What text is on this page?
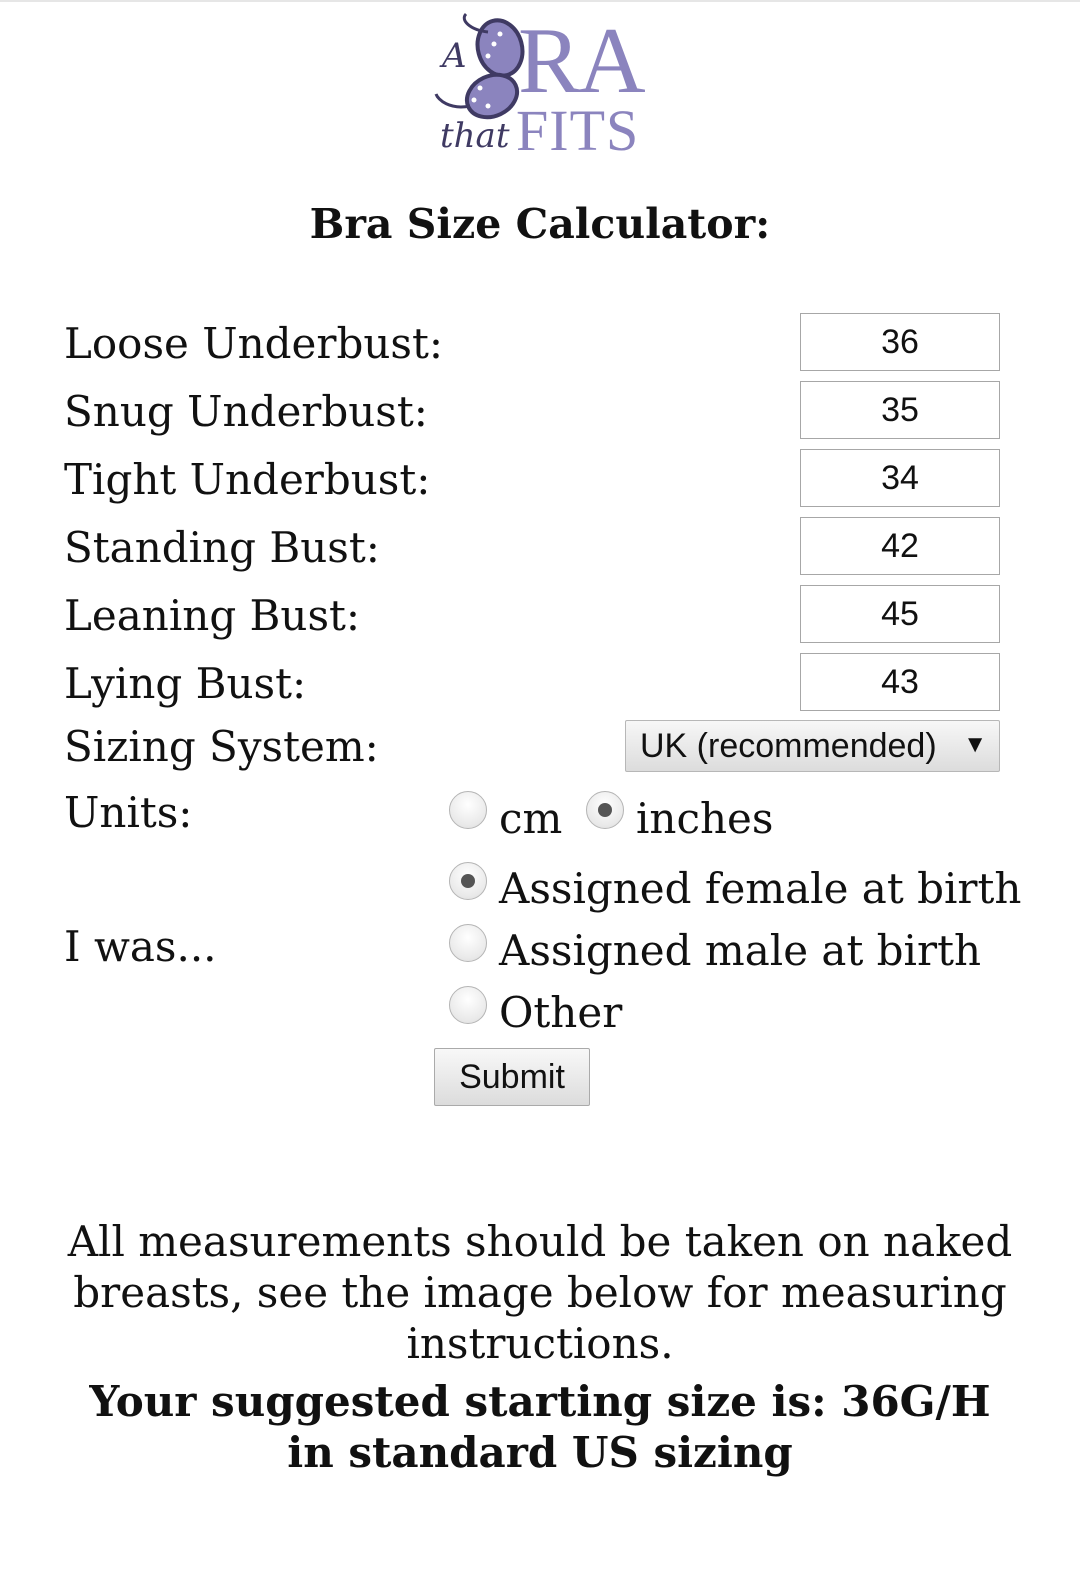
A RA
that FITS
Bra Size Calculator:
Loose Underbust:
36
Snug Underbust:
35
Tight Underbust:
34
Standing Bust:
42
Leaning Bust:
45
Lying Bust:
43
Sizing System:	UK (recommended) ▼
Units:	cm inches
I was...
Assigned female at birth
Assigned male at birth
Other
Submit
All measurements should be taken on naked breasts, see the image below for measuring instructions.
Your suggested starting size is: 36G/H in standard US sizing
